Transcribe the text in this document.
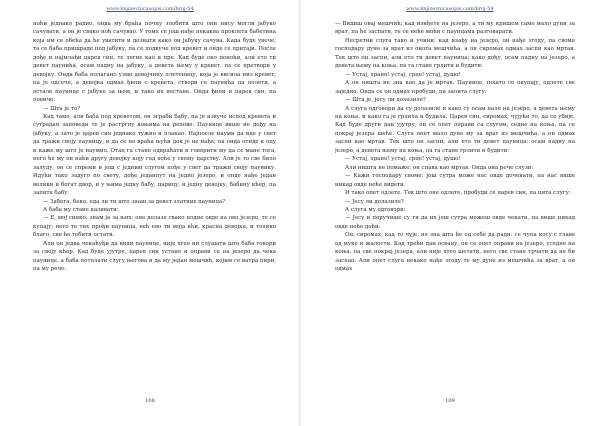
www.knjizevnicasopis.com/broj-54

ноћи једнако радио, онда му браћа почну злобити што они нису могли јабуке сачувати, а он је свако ноћ сачувао. У томе се још нађе некаква проклета бабетина која им се обећа да ће уватити и дознати како он јабуку сачува. Када буде увече, та се баба пришраде под јабуку, па се подвуче под кревет и онде се притаји. После дође и најмлађи царев син, те легне као и пре. Кад буде око поноћи, али ето ти девет паунића, осам падну на јабуку, а девета њему у кревет, па се претвори у девојку. Онда баба полагано узме девојчину плетеницу, која је висила низ кревет, па је одсече, а девојка одмах ђипи с кревета, створи се паунића па полети, а остале паунице с јабуке за њом, и тако их нестане. Онда ђипи и царев син, па повиче:

— Шта је то?

Кад тамо, али баба под креветом, он зграби бабу, па је извуче испод кревета и сутрадан заповеди те је растргну коњима на репове. Паунице више не дођу на јабуку, а зато је царев син једнако тужио и плакао. Најпосле науми да иде у свет да тражи своју пауницу, и да се не враћа њући док је не нађе; па онда отиде к оцу и каже му што је наумио. Отац га стане одвраћати и говорити му да се мане тога, него ће му он наћи другу девојку коју год хоће у свему царству. Али је то све било залуду, он се спреми и још с једним слугом пође у свет да тражи своју паунику. Идући тако задуго по свету, дође једанпут на једно језеро, и онде нађе један велики и богат двор, и у њима једну бабу, царицу, и једну девојку, бабину кћер, па запита бабу:

— Забога, бако, еда ли ти што знаш за девет златних пауница?

А баба му стане казивати:

— Е, мој синко, знам ја за њих: оне долазе свако подне овде на ово језеро, те се купају; него те тих прођи пауница, већ ево ти моја кћи, красна девојка, и толико благо, све ће тебити остати.

Али он једва чекаћуђи да види паунице, није хтео ни слушати што баба говори за своју кћер. Кад буде ујутру, царев син устане и оправи се на језеро да чека паунице, а баба потплати слугу његова и да му један мешчић, којим се ватра пири, па му рече:

108
www.knjizevnicasopis.com/broj-54

— Видиш овај мешчић; кад изиђете на језеро, а ти му кришом само мало дуни за врат, па ће заспати, те се неће моћи с паунцама разговарати.

Несретни слуга тако и учини: кад изађу на језеро, он нађе згоду, па своме господару дуне за врат из онога мешчића, а он сиромах одмах заспи као мртав. Тек што он заспи, али ето ти девет пауница; како дођу, осам падну на језеро, а девета њему на коња, па га стане грлити и будити:

— Устај, храно! устај, срце! устај, душо!

А он ништа не зна као да је мртав. Паунице, пошто се окупају, одлете све заједно. Онда се он одмах пробуди, па запита слугу:

— Шта је, јесу ли долазиле?

А слуга одговори да су долазиле и како су осам пале на језеро, а девета њему на коња, и како га је грлила и будила. Царев син, сиромах, чујући то, да се убије. Кад буде други дан ујутру, он се опет оправи са слугом, седне на коња, па се покрај језера шеће. Слуга опет мало дуне му за врат из мешчића, а он одмах заспи као мртав. Тек што он заспи, али ето ти девет пауница: осам падну на језеро, а девета њему на коња, па га стане грлити и будити:

— Устај, храно! устај, срце! устај, душо!

Али ништа не помаже: он спава као мртав. Онда она рече слузи:

— Кажи господару своме: још сутра може нас овде дочекати, па нас више никад овде неће видети.

И тако опет одлете. Тек што оне одлете, пробуди се царев син, па пита слугу:

— Јесу ли долазиле?

А слуга му одговори:

— Јесу и поручише су ти да их још сутра можеш овде чекати, па више никад овде неће доћи.

Он, сиромах, кад то чује, не зна шта ће од себе да ради: се чупа косу с главе од муке и жалости. Кад трећи дан освану, он се опет оправи на језеро, уседне на коња, па све покрај језера, али није хтео шетати, него све стане трчати да не би заспао. Али опет слуга некако нађе згоду те му дуне из мешчића за врат, а он одмах

109
